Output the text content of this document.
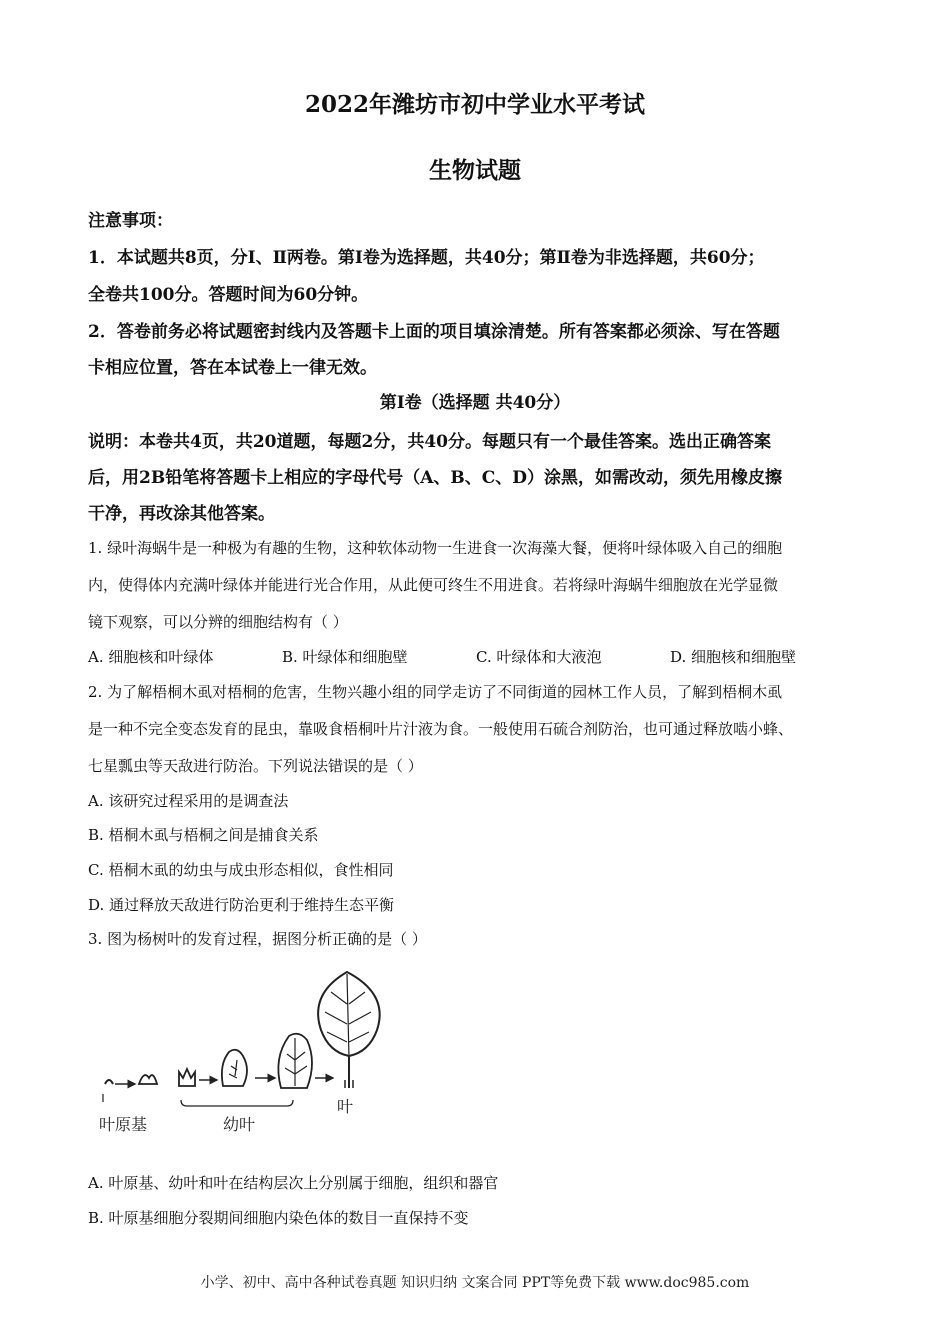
2022年潍坊市初中学业水平考试
生物试题
注意事项：
1．本试题共8页，分Ⅰ、Ⅱ两卷。第Ⅰ卷为选择题，共40分；第Ⅱ卷为非选择题，共60分；
全卷共100分。答题时间为60分钟。
2．答卷前务必将试题密封线内及答题卡上面的项目填涂清楚。所有答案都必须涂、写在答题
卡相应位置，答在本试卷上一律无效。
第Ⅰ卷（选择题 共40分）
说明：本卷共4页，共20道题，每题2分，共40分。每题只有一个最佳答案。选出正确答案
后，用2B铅笔将答题卡上相应的字母代号（A、B、C、D）涂黑，如需改动，须先用橡皮擦
干净，再改涂其他答案。
1. 绿叶海蜗牛是一种极为有趣的生物，这种软体动物一生进食一次海藻大餐，便将叶绿体吸入自己的细胞
内，使得体内充满叶绿体并能进行光合作用，从此便可终生不用进食。若将绿叶海蜗牛细胞放在光学显微
镜下观察，可以分辨的细胞结构有（ ）
A. 细胞核和叶绿体	B. 叶绿体和细胞壁	C. 叶绿体和大液泡	D. 细胞核和细胞壁
2. 为了解梧桐木虱对梧桐的危害，生物兴趣小组的同学走访了不同街道的园林工作人员，了解到梧桐木虱
是一种不完全变态发育的昆虫，靠吸食梧桐叶片汁液为食。一般使用石硫合剂防治，也可通过释放啮小蜂、
七星瓢虫等天敌进行防治。下列说法错误的是（ ）
A. 该研究过程采用的是调查法
B. 梧桐木虱与梧桐之间是捕食关系
C. 梧桐木虱的幼虫与成虫形态相似，食性相同
D. 通过释放天敌进行防治更利于维持生态平衡
3. 图为杨树叶的发育过程，据图分析正确的是（ ）
叶原基	幼叶
叶
A. 叶原基、幼叶和叶在结构层次上分别属于细胞，组织和器官
B. 叶原基细胞分裂期间细胞内染色体的数目一直保持不变
小学、初中、高中各种试卷真题 知识归纳 文案合同 PPT等免费下载 www.doc985.com
